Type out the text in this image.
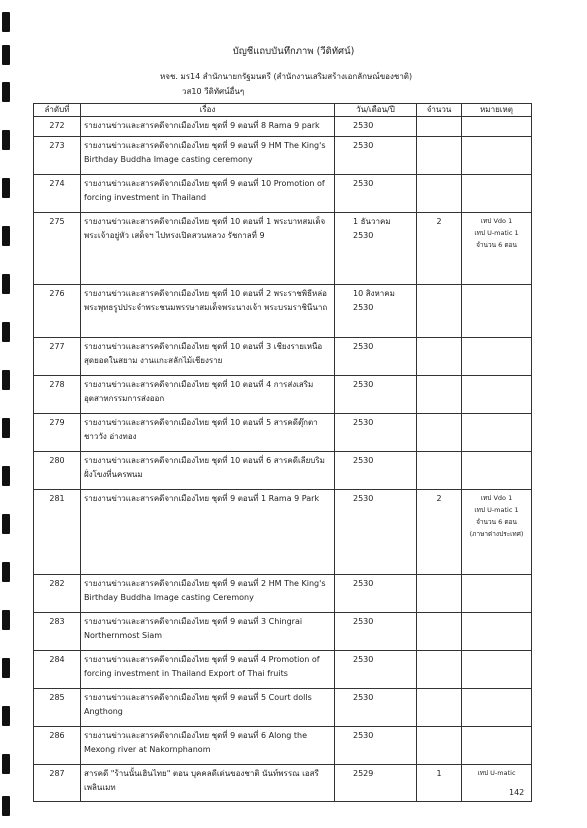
บัญชีแถบบันทึกภาพ (วีดิทัศน์)
หจช. มร14 สำนักนายกรัฐมนตรี (สำนักงานเสริมสร้างเอกลักษณ์ของชาติ)
วส10 วีดิทัศน์อื่นๆ
ลำดับที่	เรื่อง	วัน/เดือน/ปี	จำนวน	หมายเหตุ
272	รายงานข่าวและสารคดีจากเมืองไทย ชุดที่ 9 ตอนที่ 8 Rama 9 park	2530		
273	รายงานข่าวและสารคดีจากเมืองไทย ชุดที่ 9 ตอนที่ 9 HM The King's Birthday Buddha Image casting ceremony	2530		
274	รายงานข่าวและสารคดีจากเมืองไทย ชุดที่ 9 ตอนที่ 10 Promotion of forcing investment in Thailand	2530		
275	รายงานข่าวและสารคดีจากเมืองไทย ชุดที่ 10 ตอนที่ 1 พระบาทสมเด็จพระเจ้าอยู่หัว เสด็จฯ ไปทรงเปิดสวนหลวง รัชกาลที่ 9	1 ธันวาคม 2530	2	เทป Vdo 1
เทป U-matic 1
จำนวน 6 ตอน

276	รายงานข่าวและสารคดีจากเมืองไทย ชุดที่ 10 ตอนที่ 2 พระราชพิธีหล่อพระพุทธรูปประจำพระชนมพรรษาสมเด็จพระนางเจ้า พระบรมราชินีนาถ	10 สิงหาคม 2530		
277	รายงานข่าวและสารคดีจากเมืองไทย ชุดที่ 10 ตอนที่ 3 เชียงรายเหนือสุดยอดในสยาม งานแกะสลักไม้เชียงราย	2530		
278	รายงานข่าวและสารคดีจากเมืองไทย ชุดที่ 10 ตอนที่ 4 การส่งเสริมอุตสาหกรรมการส่งออก	2530		
279	รายงานข่าวและสารคดีจากเมืองไทย ชุดที่ 10 ตอนที่ 5 สารคดีตุ๊กตาชาววัง อ่างทอง	2530		
280	รายงานข่าวและสารคดีจากเมืองไทย ชุดที่ 10 ตอนที่ 6 สารคดีเลียบริมฝั่งโขงที่นครพนม	2530		
281	รายงานข่าวและสารคดีจากเมืองไทย ชุดที่ 9 ตอนที่ 1 Rama 9 Park	2530	2	เทป Vdo 1
เทป U-matic 1
จำนวน 6 ตอน
(ภาษาต่างประเทศ)

282	รายงานข่าวและสารคดีจากเมืองไทย ชุดที่ 9 ตอนที่ 2 HM The King's Birthday Buddha Image casting Ceremony	2530		
283	รายงานข่าวและสารคดีจากเมืองไทย ชุดที่ 9 ตอนที่ 3 Chingrai Northernmost Siam	2530		
284	รายงานข่าวและสารคดีจากเมืองไทย ชุดที่ 9 ตอนที่ 4 Promotion of forcing investment in Thailand Export of Thai fruits	2530		
285	รายงานข่าวและสารคดีจากเมืองไทย ชุดที่ 9 ตอนที่ 5 Court dolls Angthong	2530		
286	รายงานข่าวและสารคดีจากเมืองไทย ชุดที่ 9 ตอนที่ 6 Along the Mexong river at Nakornphanom	2530		
287	สารคดี "ร้านนั้นเฮินไทย" ตอน บุคคลดีเด่นของชาติ นันท์พรรณ เอสรี เพลินเมท	2529	1	เทป U-matic
142
